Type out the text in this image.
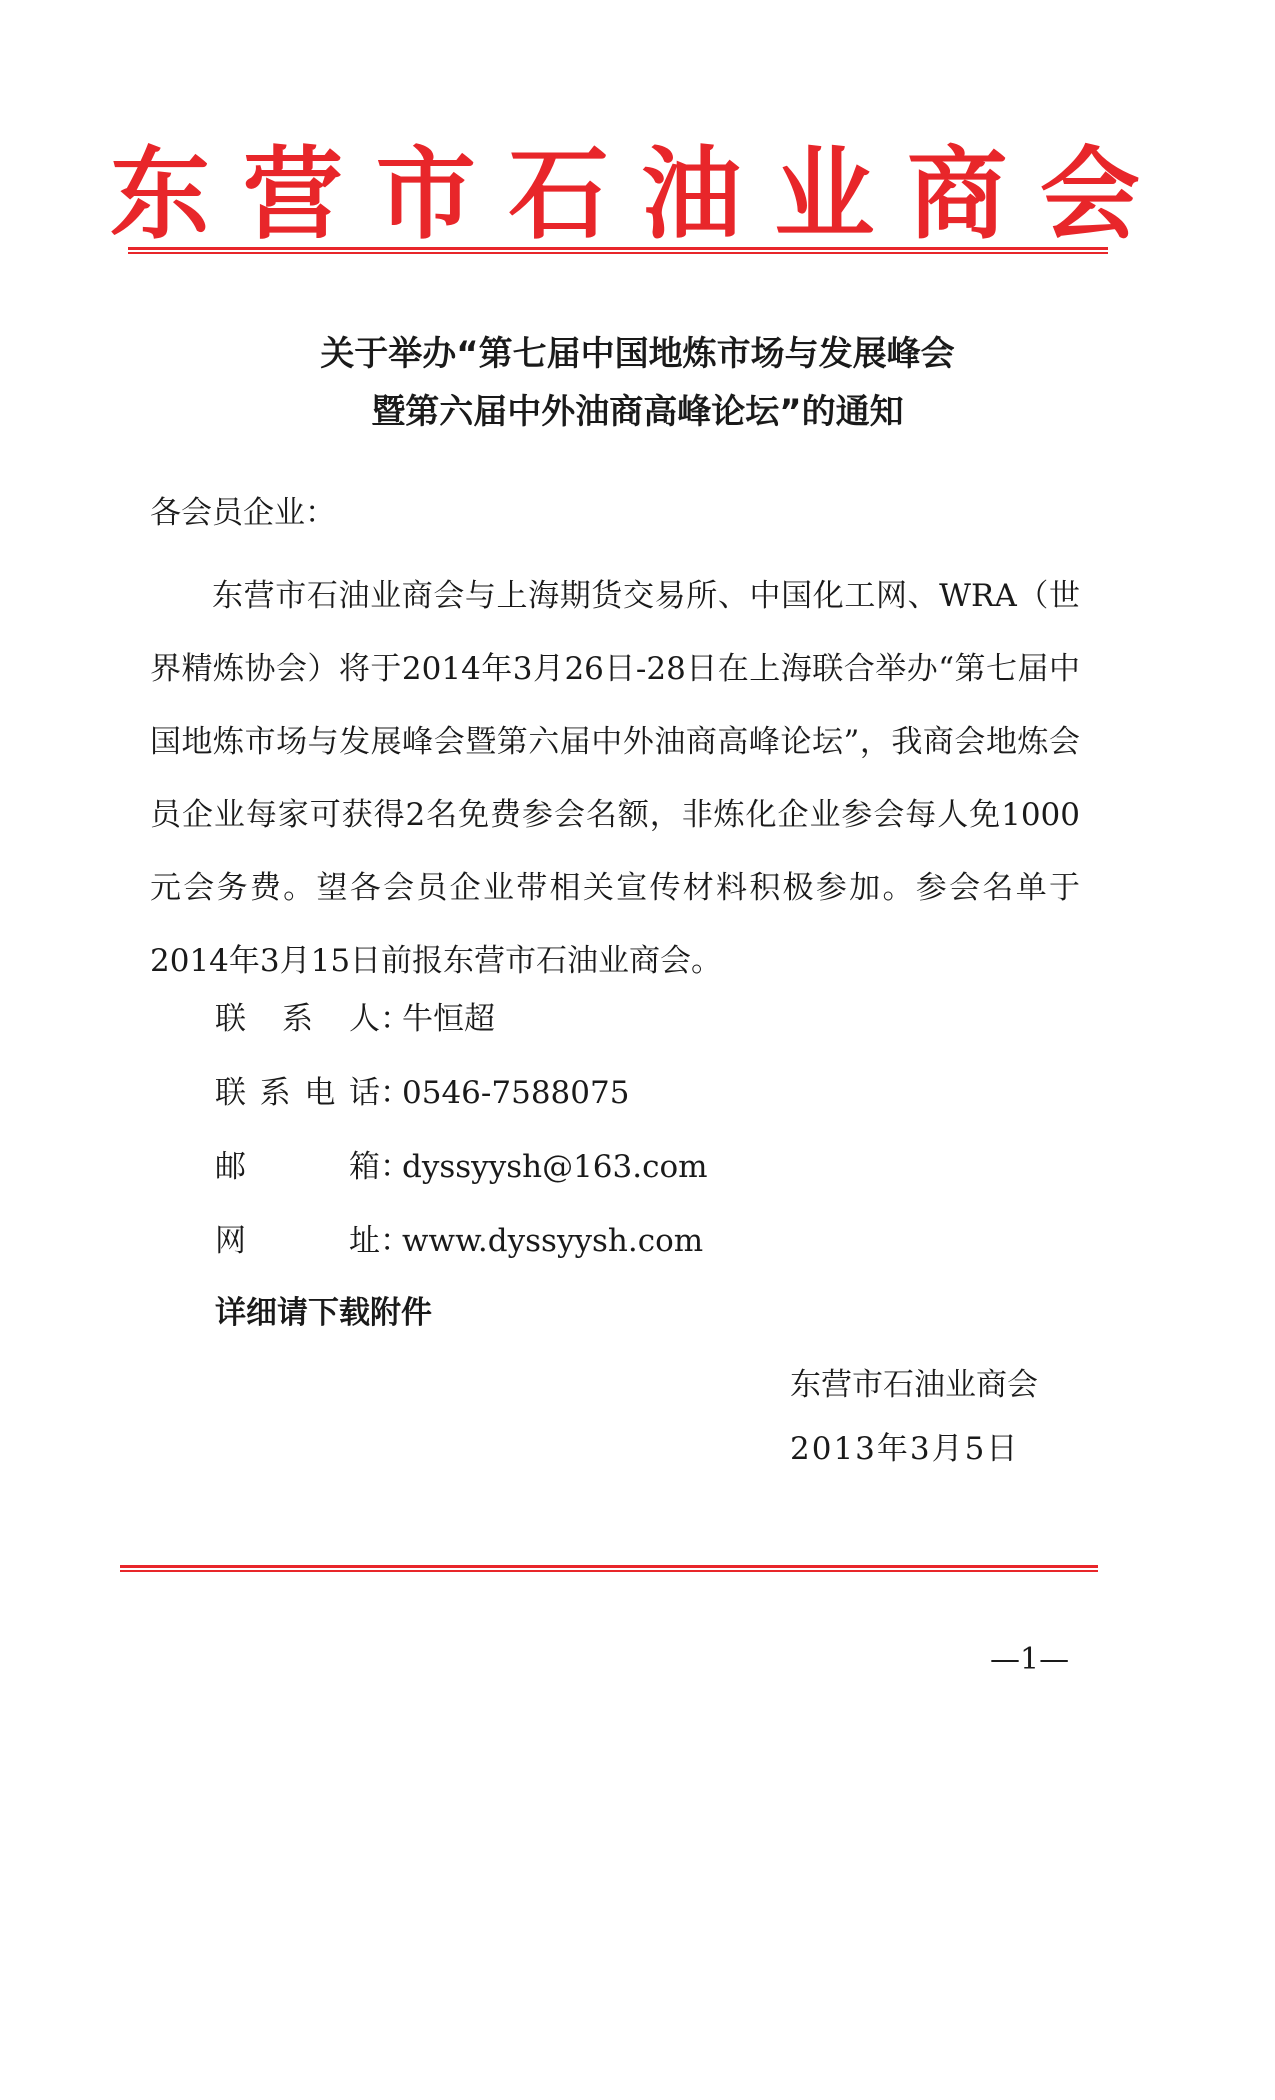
东 营 市 石 油 业 商 会
关于举办“第七届中国地炼市场与发展峰会
暨第六届中外油商高峰论坛”的通知

各会员企业：

东营市石油业商会与上海期货交易所、中国化工网、WRA（世界精炼协会）将于2014年3月26日-28日在上海联合举办“第七届中国地炼市场与发展峰会暨第六届中外油商高峰论坛”，我商会地炼会员企业每家可获得2名免费参会名额，非炼化企业参会每人免1000元会务费。望各会员企业带相关宣传材料积极参加。参会名单于2014年3月15日前报东营市石油业商会。

联系人 ：
牛恒超
联系电话 ：
0546-7588075
邮箱 ：
dyssyysh@163.com
网址 ：
www.dyssyysh.com

详细请下载附件

东营市石油业商会

2013年3月5日

—1—
